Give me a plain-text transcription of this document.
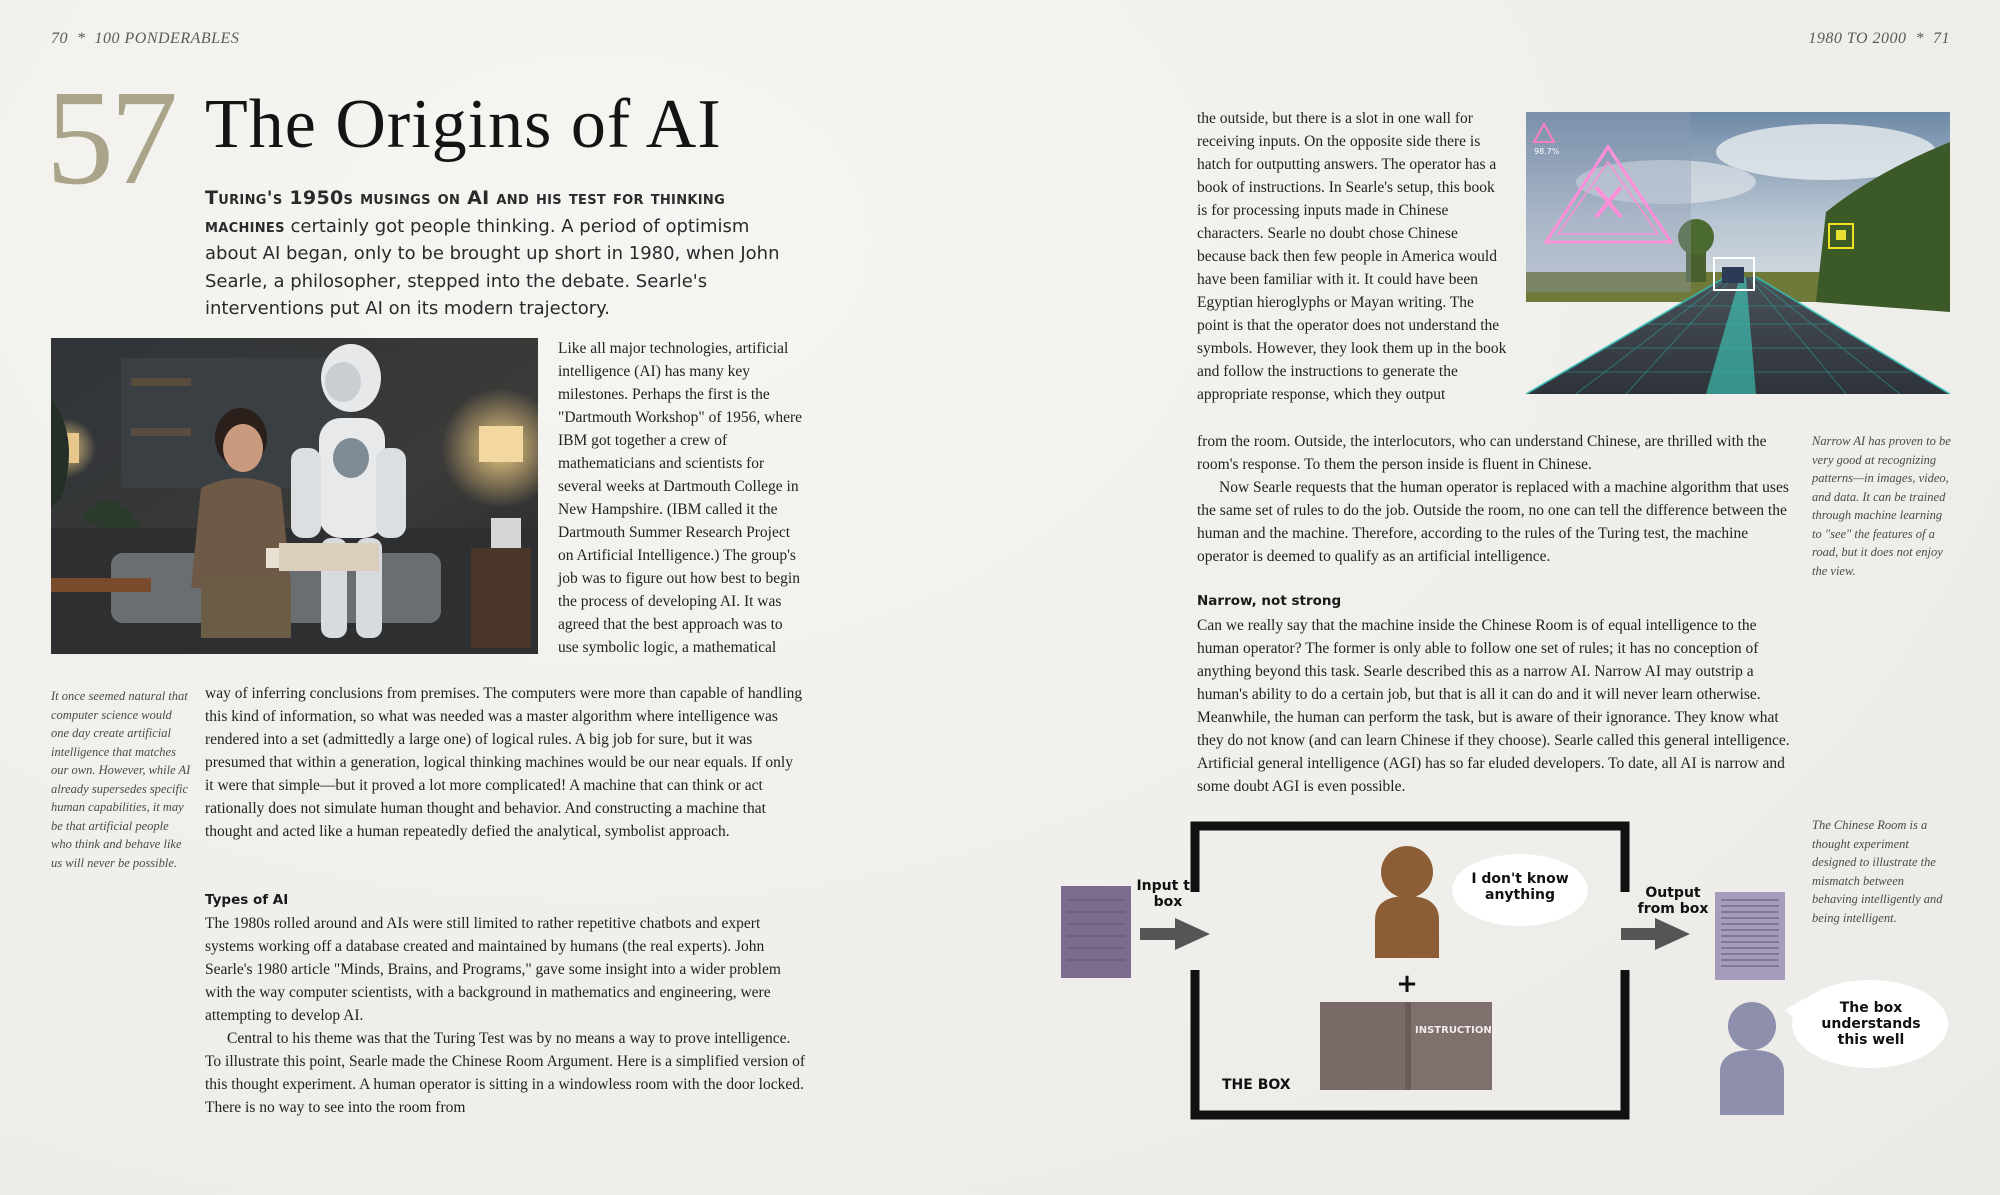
70  *  100 PONDERABLES	1980 TO 2000  *  71
57 The Origins of AI
Turing's 1950s musings on AI and his test for thinking machines certainly got people thinking. A period of optimism about AI began, only to be brought up short in 1980, when John Searle, a philosopher, stepped into the debate. Searle's interventions put AI on its modern trajectory.
Like all major technologies, artificial intelligence (AI) has many key milestones. Perhaps the first is the "Dartmouth Workshop" of 1956, where IBM got together a crew of mathematicians and scientists for several weeks at Dartmouth College in New Hampshire. (IBM called it the Dartmouth Summer Research Project on Artificial Intelligence.) The group's job was to figure out how best to begin the process of developing AI. It was agreed that the best approach was to use symbolic logic, a mathematical
way of inferring conclusions from premises. The computers were more than capable of handling this kind of information, so what was needed was a master algorithm where intelligence was rendered into a set (admittedly a large one) of logical rules. A big job for sure, but it was presumed that within a generation, logical thinking machines would be our near equals. If only it were that simple—but it proved a lot more complicated! A machine that can think or act rationally does not simulate human thought and behavior. And constructing a machine that thought and acted like a human repeatedly defied the analytical, symbolist approach.
Types of AI

The 1980s rolled around and AIs were still limited to rather repetitive chatbots and expert systems working off a database created and maintained by humans (the real experts). John Searle's 1980 article "Minds, Brains, and Programs," gave some insight into a wider problem with the way computer scientists, with a background in mathematics and engineering, were attempting to develop AI.

Central to his theme was that the Turing Test was by no means a way to prove intelligence. To illustrate this point, Searle made the Chinese Room Argument. Here is a simplified version of this thought experiment. A human operator is sitting in a windowless room with the door locked. There is no way to see into the room from

It once seemed natural that computer science would one day create artificial intelligence that matches our own. However, while AI already supersedes specific human capabilities, it may be that artificial people who think and behave like us will never be possible.
the outside, but there is a slot in one wall for receiving inputs. On the opposite side there is hatch for outputting answers. The operator has a book of instructions. In Searle's setup, this book is for processing inputs made in Chinese characters. Searle no doubt chose Chinese because back then few people in America would have been familiar with it. It could have been Egyptian hieroglyphs or Mayan writing. The point is that the operator does not understand the symbols. However, they look them up in the book and follow the instructions to generate the appropriate response, which they output

from the room. Outside, the interlocutors, who can understand Chinese, are thrilled with the room's response. To them the person inside is fluent in Chinese.

Now Searle requests that the human operator is replaced with a machine algorithm that uses the same set of rules to do the job. Outside the room, no one can tell the difference between the human and the machine. Therefore, according to the rules of the Turing test, the machine operator is deemed to qualify as an artificial intelligence.

Narrow, not strong
Can we really say that the machine inside the Chinese Room is of equal intelligence to the human operator? The former is only able to follow one set of rules; it has no conception of anything beyond this task. Searle described this as a narrow AI. Narrow AI may outstrip a human's ability to do a certain job, but that is all it can do and it will never learn otherwise. Meanwhile, the human can perform the task, but is aware of their ignorance. They know what they do not know (and can learn Chinese if they choose). Searle called this general intelligence. Artificial general intelligence (AGI) has so far eluded developers. To date, all AI is narrow and some doubt AGI is even possible.
98.7%
Narrow AI has proven to be very good at recognizing patterns—in images, video, and data. It can be trained through machine learning to "see" the features of a road, but it does not enjoy the view.
The Chinese Room is a thought experiment designed to illustrate the mismatch between behaving intelligently and being intelligent.
+
Input to box
I don't know anything	Output from box
INSTRUCTIONS
THE BOX
The box understands this well
